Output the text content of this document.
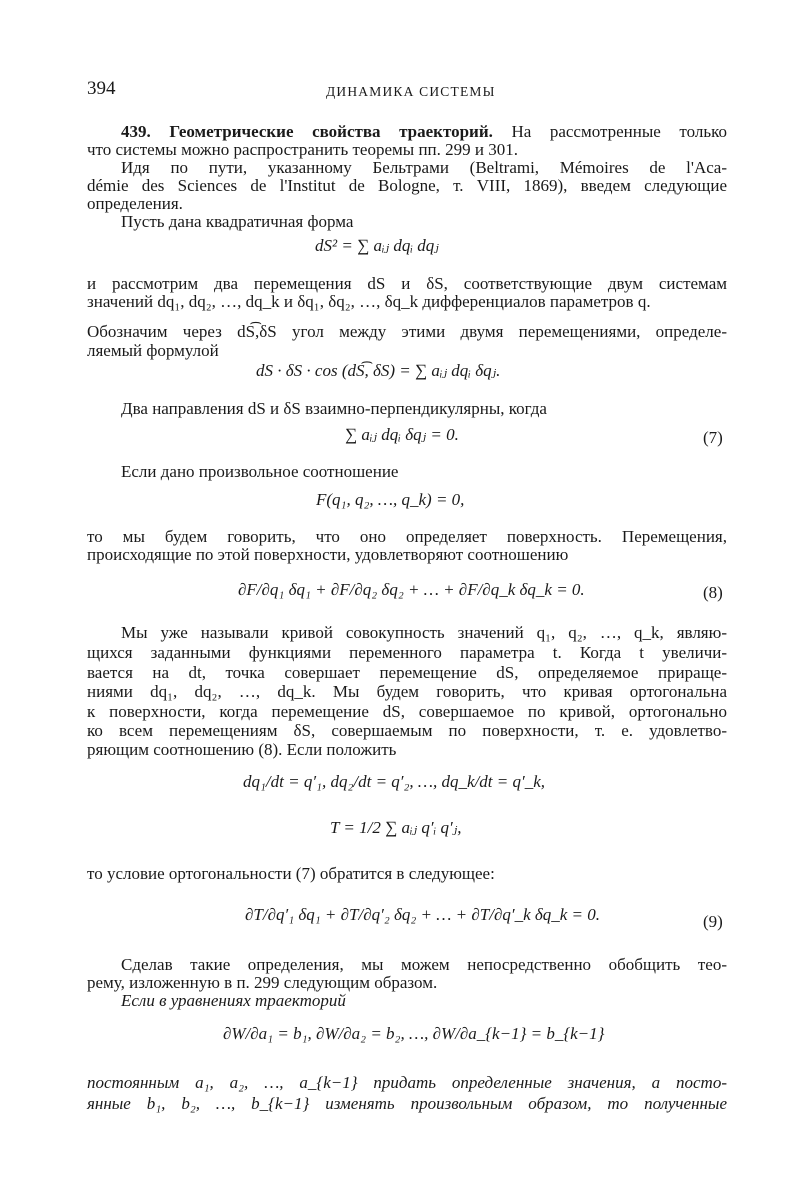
394	ДИНАМИКА СИСТЕМЫ
439. Геометрические свойства траекторий. На рассмотренные только
что системы можно распространить теоремы пп. 299 и 301.
Идя по пути, указанному Бельтрами (Beltrami, Mémoires de l'Aca-
démie des Sciences de l'Institut de Bologne, т. VIII, 1869), введем следующие
определения.
Пусть дана квадратичная форма
dS² = ∑ aᵢⱼ dqᵢ dqⱼ
и рассмотрим два перемещения dS и δS, соответствующие двум системам
значений dq₁, dq₂, …, dq_k и δq₁, δq₂, …, δq_k дифференциалов параметров q.
Обозначим через dS͡,δS угол между этими двумя перемещениями, определе-
ляемый формулой
dS · δS · cos (dS͡, δS) = ∑ aᵢⱼ dqᵢ δqⱼ.
Два направления dS и δS взаимно-перпендикулярны, когда
∑ aᵢⱼ dqᵢ δqⱼ = 0.	(7)
Если дано произвольное соотношение
F(q₁, q₂, …, q_k) = 0,
то мы будем говорить, что оно определяет поверхность. Перемещения,
происходящие по этой поверхности, удовлетворяют соотношению
∂F/∂q₁ δq₁ + ∂F/∂q₂ δq₂ + … + ∂F/∂q_k δq_k = 0.	(8)
Мы уже называли кривой совокупность значений q₁, q₂, …, q_k, являю-
щихся заданными функциями переменного параметра t. Когда t увеличи-
вается на dt, точка совершает перемещение dS, определяемое прираще-
ниями dq₁, dq₂, …, dq_k. Мы будем говорить, что кривая ортогональна
к поверхности, когда перемещение dS, совершаемое по кривой, ортогонально
ко всем перемещениям δS, совершаемым по поверхности, т. е. удовлетво-
ряющим соотношению (8). Если положить
dq₁/dt = q′₁, dq₂/dt = q′₂, …, dq_k/dt = q′_k,
T = 1/2 ∑ aᵢⱼ q′ᵢ q′ⱼ,
то условие ортогональности (7) обратится в следующее:
∂T/∂q′₁ δq₁ + ∂T/∂q′₂ δq₂ + … + ∂T/∂q′_k δq_k = 0.	(9)
Сделав такие определения, мы можем непосредственно обобщить тео-
рему, изложенную в п. 299 следующим образом.
Если в уравнениях траекторий
∂W/∂a₁ = b₁, ∂W/∂a₂ = b₂, …, ∂W/∂a_{k−1} = b_{k−1}
постоянным a₁, a₂, …, a_{k−1} придать определенные значения, а посто-
янные b₁, b₂, …, b_{k−1} изменять произвольным образом, то полученные
